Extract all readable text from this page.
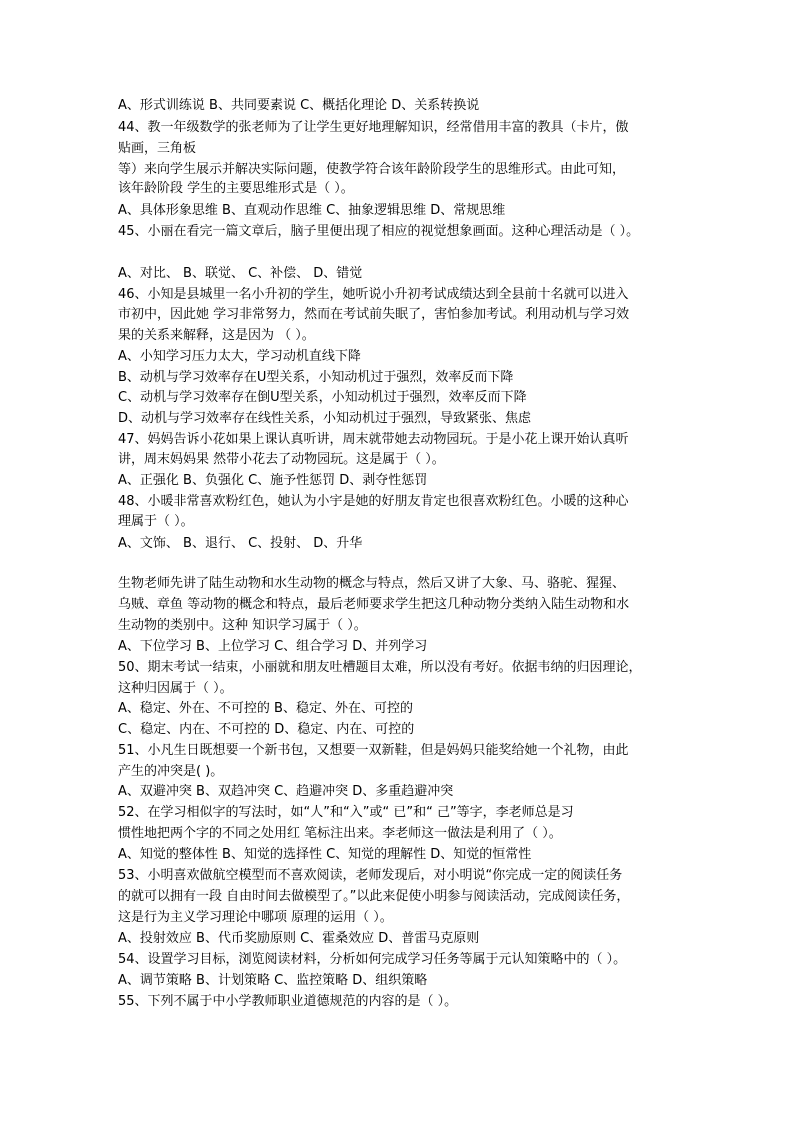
A、形式训练说 B、共同要素说 C、概括化理论 D、关系转换说
44、教一年级数学的张老师为了让学生更好地理解知识，经常借用丰富的教具（卡片，傲
贴画，三角板
等）来向学生展示并解决实际问题，使教学符合该年龄阶段学生的思维形式。由此可知，
该年龄阶段 学生的主要思维形式是（ ）。
A、具体形象思维 B、直观动作思维 C、抽象逻辑思维 D、常规思维
45、小丽在看完一篇文章后，脑子里便出现了相应的视觉想象画面。这种心理活动是（ ）。
A、对比、 B、联觉、 C、补偿、 D、错觉
46、小知是县城里一名小升初的学生，她听说小升初考试成绩达到全县前十名就可以进入
市初中，因此她 学习非常努力，然而在考试前失眠了，害怕参加考试。利用动机与学习效
果的关系来解释，这是因为 （ ）。
A、小知学习压力太大，学习动机直线下降
B、动机与学习效率存在U型关系，小知动机过于强烈，效率反而下降
C、动机与学习效率存在倒U型关系，小知动机过于强烈，效率反而下降
D、动机与学习效率存在线性关系，小知动机过于强烈，导致紧张、焦虑
47、妈妈告诉小花如果上课认真听讲，周末就带她去动物园玩。于是小花上课开始认真听
讲，周末妈妈果 然带小花去了动物园玩。这是属于（ ）。
A、正强化 B、负强化 C、施予性惩罚 D、剥夺性惩罚
48、小暖非常喜欢粉红色，她认为小宇是她的好朋友肯定也很喜欢粉红色。小暖的这种心
理属于（ ）。
A、文饰、 B、退行、 C、投射、 D、升华
生物老师先讲了陆生动物和水生动物的概念与特点，然后又讲了大象、马、骆驼、猩猩、
乌贼、章鱼 等动物的概念和特点，最后老师要求学生把这几种动物分类纳入陆生动物和水
生动物的类别中。这种 知识学习属于（ ）。
A、下位学习 B、上位学习 C、组合学习 D、并列学习
50、期末考试一结束，小丽就和朋友吐槽题目太难，所以没有考好。依据韦纳的归因理论，
这种归因属于（ ）。
A、稳定、外在、不可控的 B、稳定、外在、可控的
C、稳定、内在、不可控的 D、稳定、内在、可控的
51、小凡生日既想要一个新书包，又想要一双新鞋，但是妈妈只能奖给她一个礼物，由此
产生的冲突是( )。
A、双避冲突 B、双趋冲突 C、趋避冲突 D、多重趋避冲突
52、在学习相似字的写法时，如“人”和“入”或“ 已”和“ 己”等字，李老师总是习
惯性地把两个字的不同之处用红 笔标注出来。李老师这一做法是利用了（ ）。
A、知觉的整体性 B、知觉的选择性 C、知觉的理解性 D、知觉的恒常性
53、小明喜欢做航空模型而不喜欢阅读，老师发现后，对小明说“你完成一定的阅读任务
的就可以拥有一段 自由时间去做模型了。”以此来促使小明参与阅读活动，完成阅读任务，
这是行为主义学习理论中哪项 原理的运用（ ）。
A、投射效应 B、代币奖励原则 C、霍桑效应 D、普雷马克原则
54、设置学习目标，浏览阅读材料，分析如何完成学习任务等属于元认知策略中的（ ）。
A、调节策略 B、计划策略 C、监控策略 D、组织策略
55、下列不属于中小学教师职业道德规范的内容的是（ ）。
